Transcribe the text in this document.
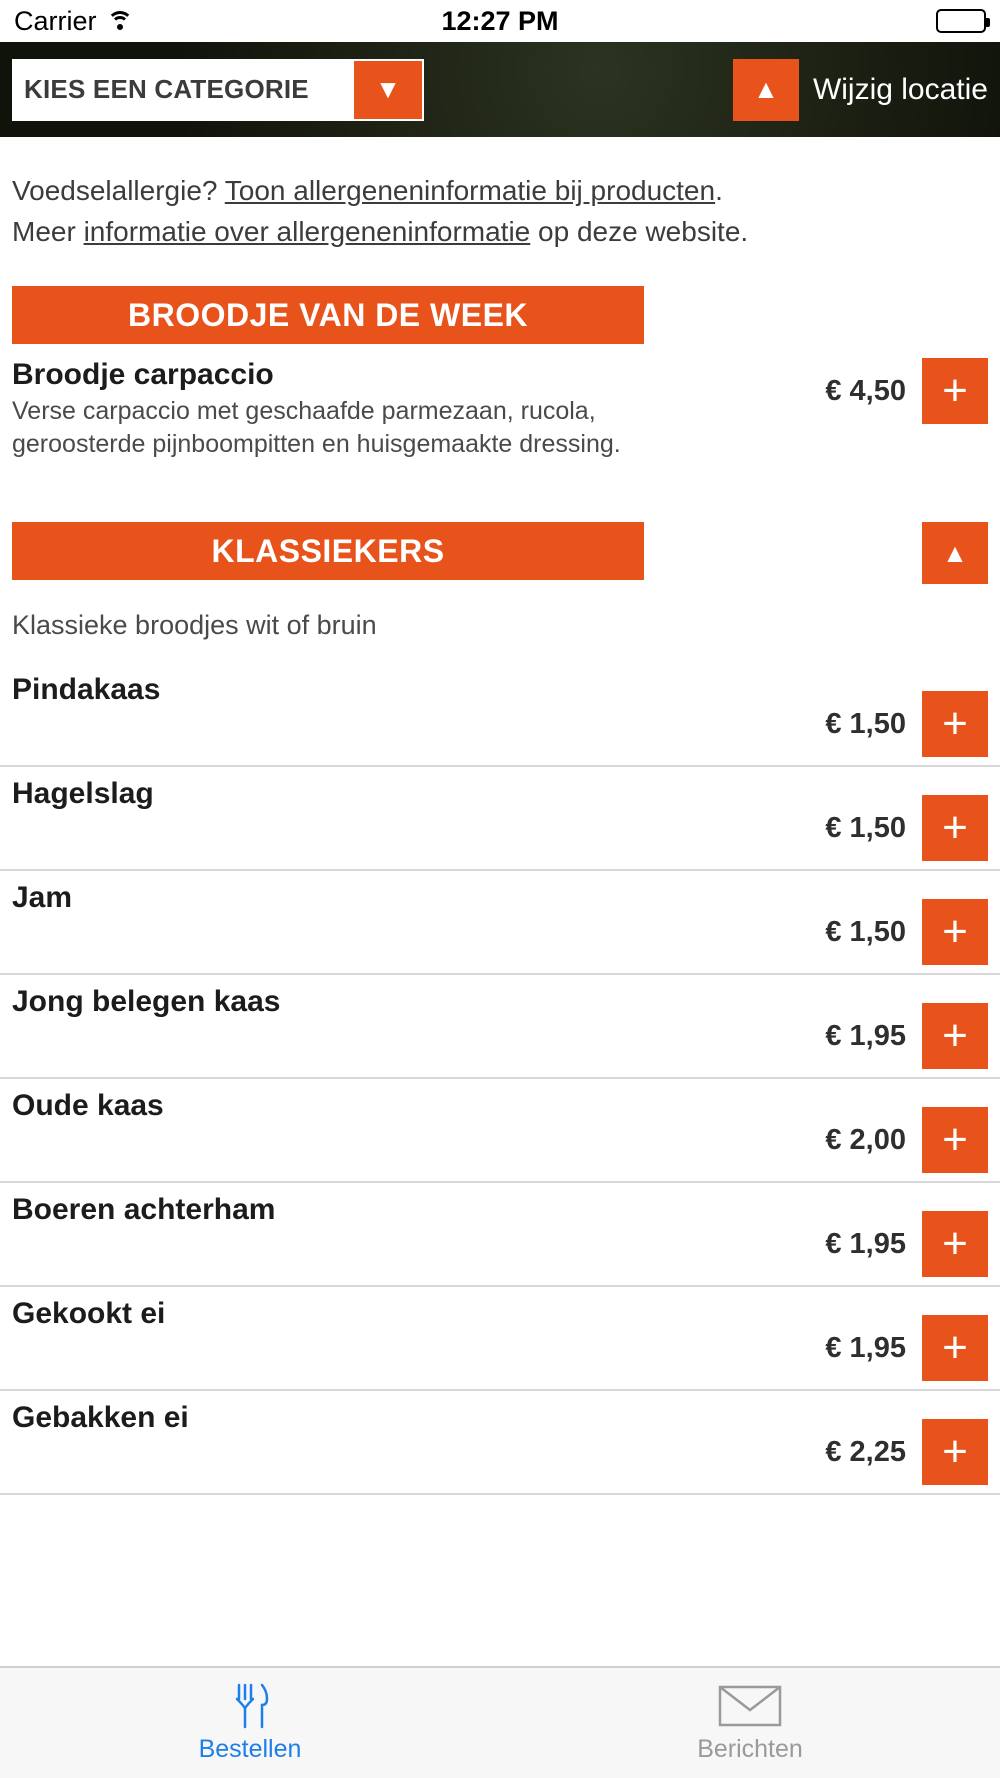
Carrier	12:27 PM
KIES EEN CATEGORIE	▼	▲	Wijzig locatie
Voedselallergie? Toon allergeneninformatie bij producten.
Meer informatie over allergeneninformatie op deze website.
BROODJE VAN DE WEEK
Broodje carpaccio
Verse carpaccio met geschaafde parmezaan, rucola, geroosterde pijnboompitten en huisgemaakte dressing.
€ 4,50 +
KLASSIEKERS	▲
Klassieke broodjes wit of bruin
Pindakaas
€ 1,50 +
Hagelslag
€ 1,50 +
Jam
€ 1,50 +
Jong belegen kaas
€ 1,95 +
Oude kaas
€ 2,00 +
Boeren achterham
€ 1,95 +
Gekookt ei
€ 1,95 +
Gebakken ei
€ 2,25 +
Bestellen	Berichten
